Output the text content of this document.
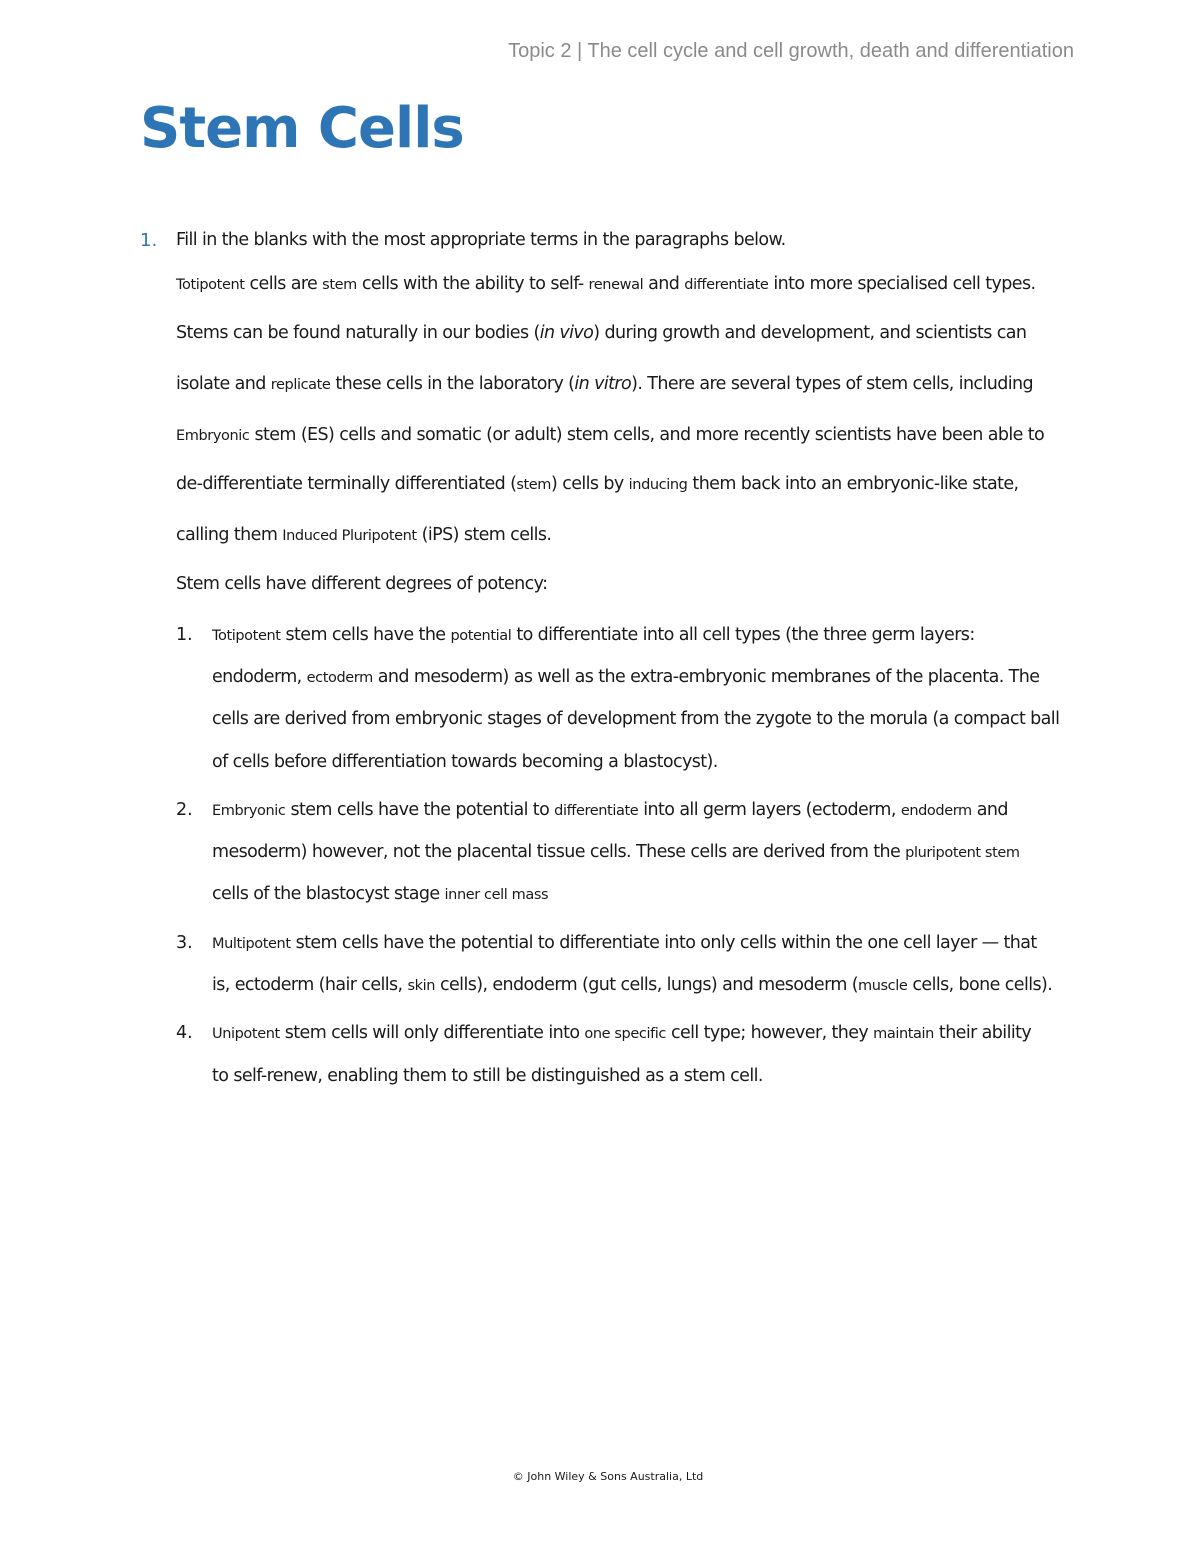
Topic 2 | The cell cycle and cell growth, death and differentiation
Stem Cells
1. Fill in the blanks with the most appropriate terms in the paragraphs below.
Totipotent cells are stem cells with the ability to self- renewal and differentiate into more specialised cell types.
Stems can be found naturally in our bodies (in vivo) during growth and development, and scientists can
isolate and replicate these cells in the laboratory (in vitro). There are several types of stem cells, including
Embryonic stem (ES) cells and somatic (or adult) stem cells, and more recently scientists have been able to
de-differentiate terminally differentiated (stem) cells by inducing them back into an embryonic-like state,
calling them Induced Pluripotent (iPS) stem cells.
Stem cells have different degrees of potency:
1. Totipotent stem cells have the potential to differentiate into all cell types (the three germ layers:
endoderm, ectoderm and mesoderm) as well as the extra-embryonic membranes of the placenta. The
cells are derived from embryonic stages of development from the zygote to the morula (a compact ball
of cells before differentiation towards becoming a blastocyst).
2. Embryonic stem cells have the potential to differentiate into all germ layers (ectoderm, endoderm and
mesoderm) however, not the placental tissue cells. These cells are derived from the pluripotent stem
cells of the blastocyst stage inner cell mass
3. Multipotent stem cells have the potential to differentiate into only cells within the one cell layer — that
is, ectoderm (hair cells, skin cells), endoderm (gut cells, lungs) and mesoderm (muscle cells, bone cells).
4. Unipotent stem cells will only differentiate into one specific cell type; however, they maintain their ability
to self-renew, enabling them to still be distinguished as a stem cell.
© John Wiley & Sons Australia, Ltd
